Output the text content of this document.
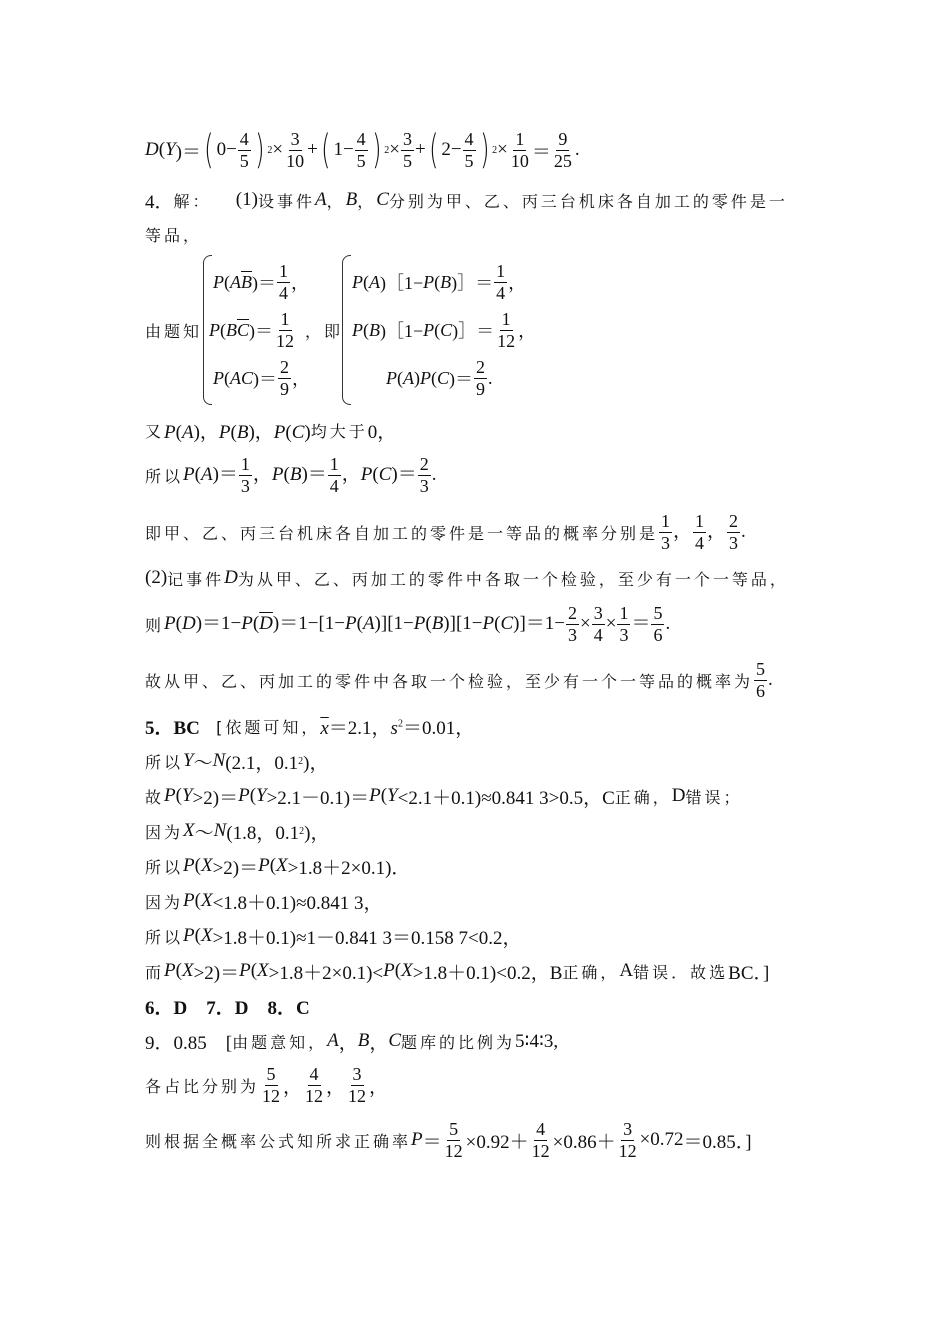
D ( Y )＝ ( $0- \frac{4}{5}$ ) $2 \times \frac{3}{10}$ + ( $1- \frac{4}{5}$ ) $2 \times \frac{3}{5}$ + ( $2- \frac{4}{5}$ ) $2 \times \frac{1}{10} = \frac{9}{25}$ .
4． 解： (1) 设事件 A ， B ， C 分别为甲、乙、丙三台机床各自加工的零件是一
等品，
由题知
P ( A $\overline{B}$ )＝ $\frac{1}{4}$ ，
P ( B $\overline{C}$ )＝ $\frac{1}{12}$
P ( AC )＝ $\frac{2}{9}$ ，
，即
P ( A )［1− P ( B )］＝ $\frac{1}{4}$ ，
P ( B )［1− P ( C )］＝ $\frac{1}{12}$ ，
P ( A ) P ( C )＝ $\frac{2}{9}$ .
又 P(A)，P(B)，P(C) 均大于 0，
所以 $P(A)= \frac{1}{3}$ ，$P(B)= \frac{1}{4}$ ，$P(C)= \frac{2}{3}$ .
即甲、乙、丙三台机床各自加工的零件是一等品的概率分别是 $\frac{1}{3}$ ， $\frac{1}{4}$ ， $\frac{2}{3}$ .
(2) 记事件 D 为从甲、乙、丙加工的零件中各取一个检验，至少有一个一等品，
则 $P(D)=1-P(\overline{D})=1-[1-P(A)][1-P(B)][1-P(C)]=1- \frac{2}{3} \times \frac{3}{4} \times \frac{1}{3} = \frac{5}{6}$ .
故从甲、乙、丙加工的零件中各取一个检验，至少有一个一等品的概率为 $\frac{5}{6}$ .
5．BC
[依题可知， $\overline{x}=2.1$，$s^2=0.01$，
所以 Y ～ N (2.1，0.1 2 )，
故 P ( Y >2)＝ P ( Y >2.1－0.1)＝ P ( Y <2.1＋0.1)≈0.841 3>0.5，C 正确， D 错误；
因为 X ～ N (1.8，0.1 2 )，
所以 P ( X >2)＝ P ( X >1.8＋2×0.1)．
因为 P ( X <1.8＋0.1)≈0.841 3，
所以 P ( X >1.8＋0.1)≈1－0.841 3＝0.158 7<0.2，
而 P ( X >2)＝ P ( X >1.8＋2×0.1)< P ( X >1.8＋0.1)<0.2，B 正确， A 错误．故选 BC．]
6．D　7．D　8．C
9．0.85　[ 由题意知， A ， B ， C 题库的比例为 5∶4∶3,
各占比分别为 $\frac{5}{12}$ ， $\frac{4}{12}$ ， $\frac{3}{12}$ ，
则根据全概率公式知所求正确率 $P = \frac{5}{12} \times 0.92+ \frac{4}{12} \times 0.86+ \frac{3}{12} \times 0.72 =0.85$．]
